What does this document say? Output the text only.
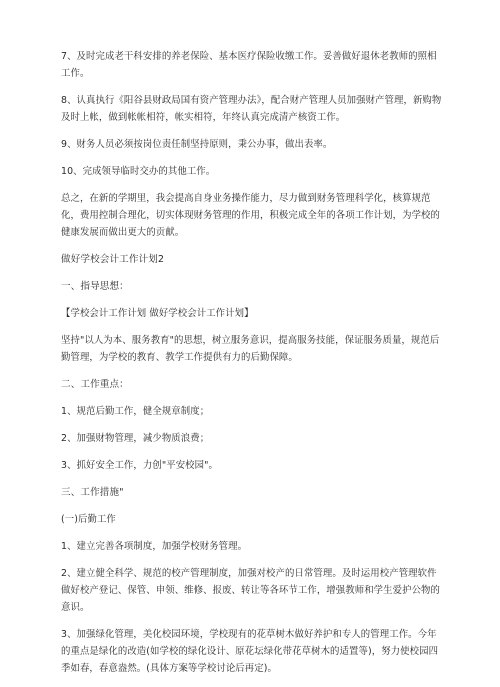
7、及时完成老干科安排的养老保险、基本医疗保险收缴工作。妥善做好退休老教师的照相工作。

8、认真执行《阳谷县财政局国有资产管理办法》，配合财产管理人员加强财产管理，新购物及时上帐，做到帐帐相符，帐实相符，年终认真完成清产核资工作。

9、财务人员必须按岗位责任制坚持原则，秉公办事，做出表率。

10、完成领导临时交办的其他工作。

总之，在新的学期里，我会提高自身业务操作能力，尽力做到财务管理科学化，核算规范化，费用控制合理化，切实体现财务管理的作用，积极完成全年的各项工作计划，为学校的健康发展而做出更大的贡献。

做好学校会计工作计划2

一、指导思想：

【学校会计工作计划 做好学校会计工作计划】

坚持"以人为本、服务教育"的思想，树立服务意识，提高服务技能，保证服务质量，规范后勤管理，为学校的教育、教学工作提供有力的后勤保障。

二、工作重点：

1、规范后勤工作，健全规章制度；

2、加强财物管理，减少物质浪费；

3、抓好安全工作，力创"平安校园"。

三、工作措施"

(一)后勤工作

1、建立完善各项制度，加强学校财务管理。

2、建立健全科学、规范的校产管理制度，加强对校产的日常管理。及时运用校产管理软件做好校产登记、保管、申领、维修、报废、转让等各环节工作，增强教师和学生爱护公物的意识。

3、加强绿化管理，美化校园环境，学校现有的花草树木做好养护和专人的管理工作。今年的重点是绿化的改造(如学校的绿化设计、原花坛绿化带花草树木的适置等)，努力使校园四季如春，春意盎然。(具体方案等学校讨论后再定)。
